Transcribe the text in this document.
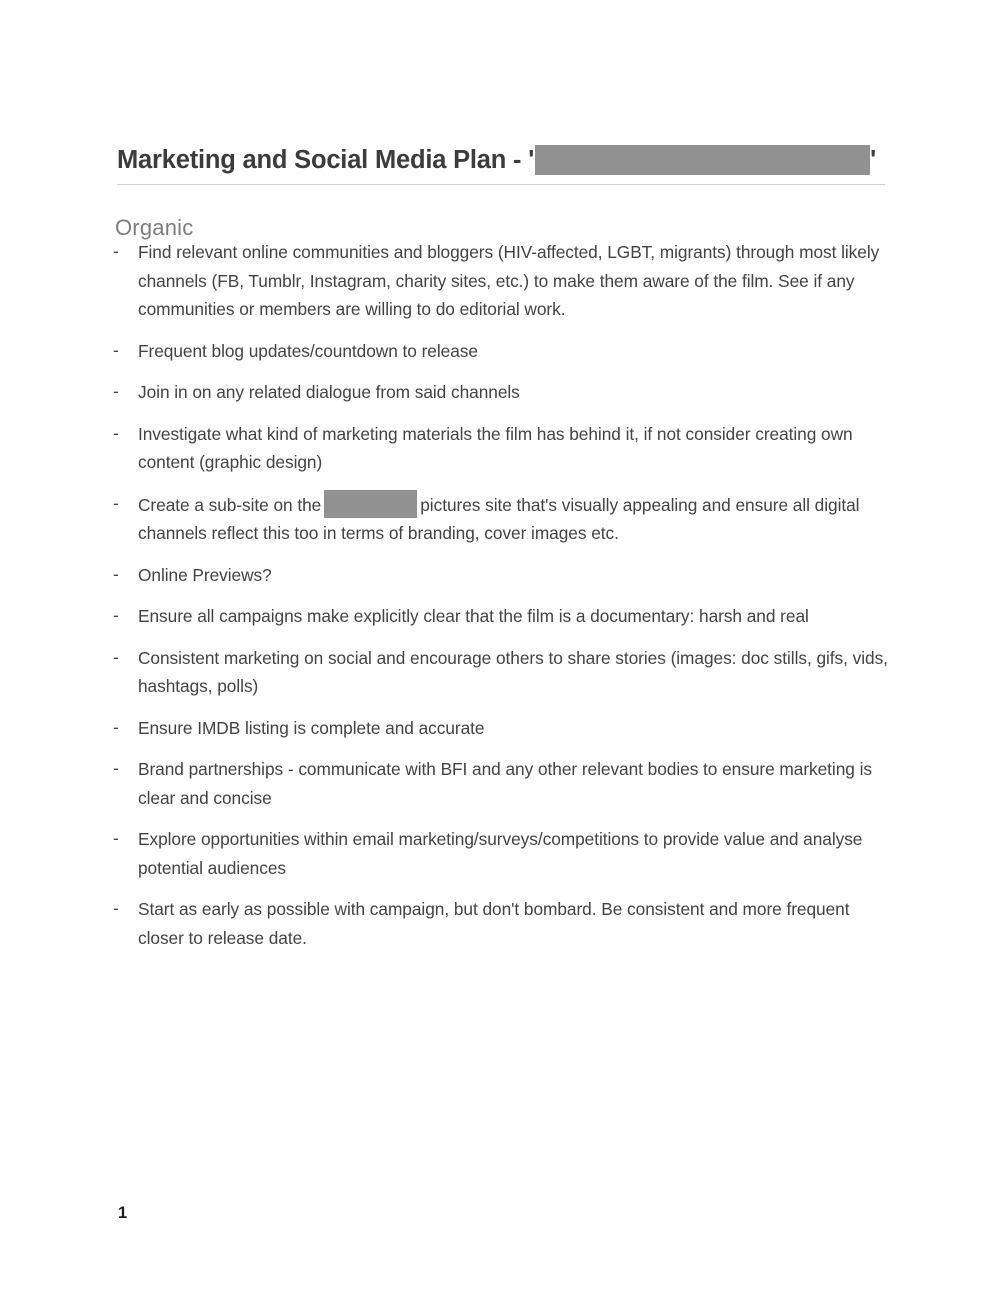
Marketing and Social Media Plan - '	'
Organic
- Find relevant online communities and bloggers (HIV-affected, LGBT, migrants) through most likely channels (FB, Tumblr, Instagram, charity sites, etc.) to make them aware of the film. See if any communities or members are willing to do editorial work.
- Frequent blog updates/countdown to release
- Join in on any related dialogue from said channels
- Investigate what kind of marketing materials the film has behind it, if not consider creating own content (graphic design)
- Create a sub-site on the	pictures site that's visually appealing and ensure all digital channels reflect this too in terms of branding, cover images etc.
- Online Previews?
- Ensure all campaigns make explicitly clear that the film is a documentary: harsh and real
- Consistent marketing on social and encourage others to share stories (images: doc stills, gifs, vids, hashtags, polls)
- Ensure IMDB listing is complete and accurate
- Brand partnerships - communicate with BFI and any other relevant bodies to ensure marketing is clear and concise
- Explore opportunities within email marketing/surveys/competitions to provide value and analyse potential audiences
- Start as early as possible with campaign, but don't bombard. Be consistent and more frequent closer to release date.
1
